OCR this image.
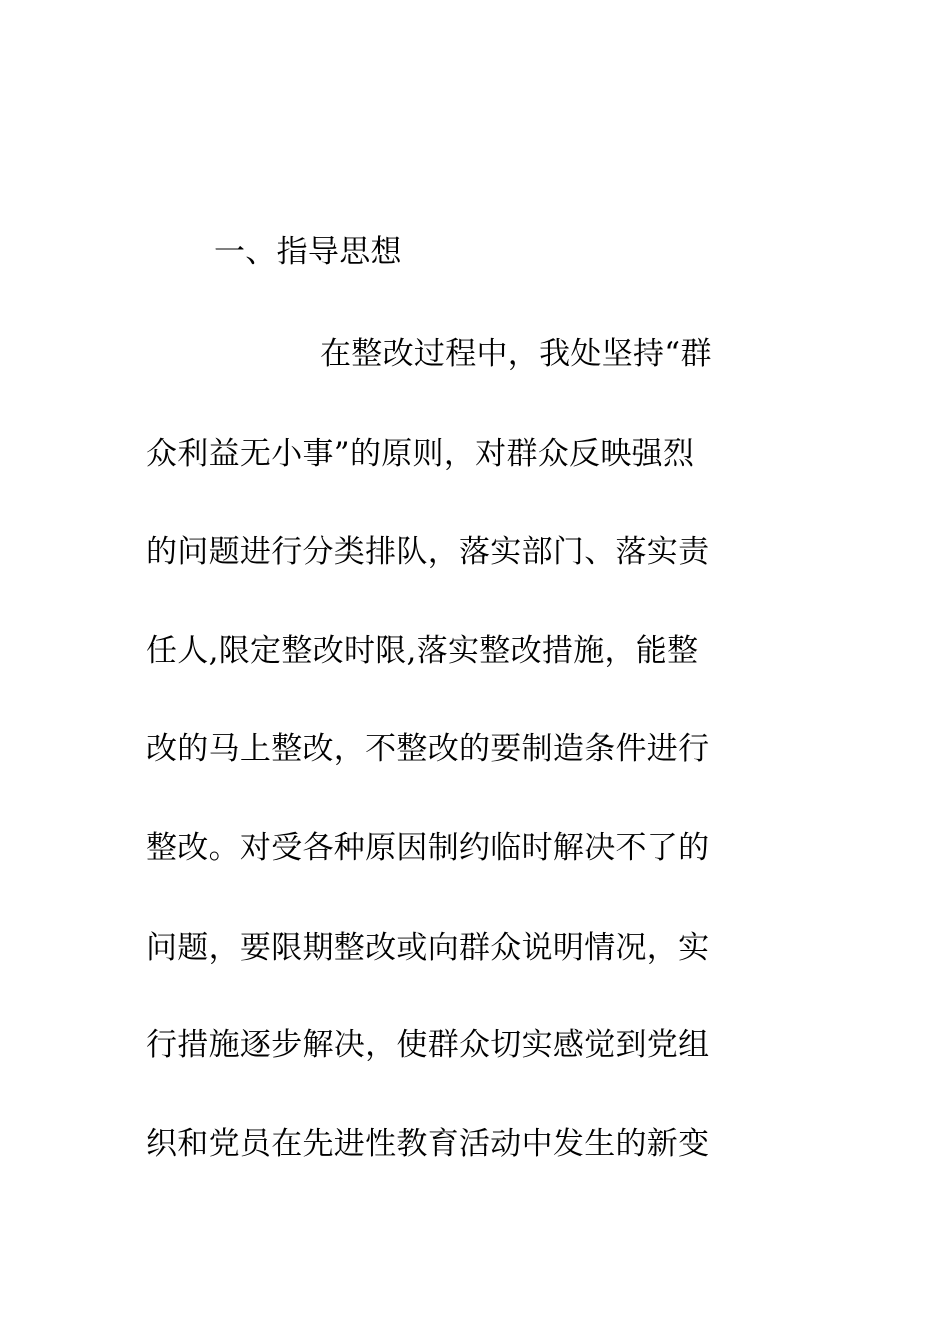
一、指导思想
在整改过程中，我处坚持“群
众利益无小事”的原则，对群众反映强烈
的问题进行分类排队，落实部门、落实责
任人,限定整改时限,落实整改措施，能整
改的马上整改，不整改的要制造条件进行
整改。对受各种原因制约临时解决不了的
问题，要限期整改或向群众说明情况，实
行措施逐步解决，使群众切实感觉到党组
织和党员在先进性教育活动中发生的新变
